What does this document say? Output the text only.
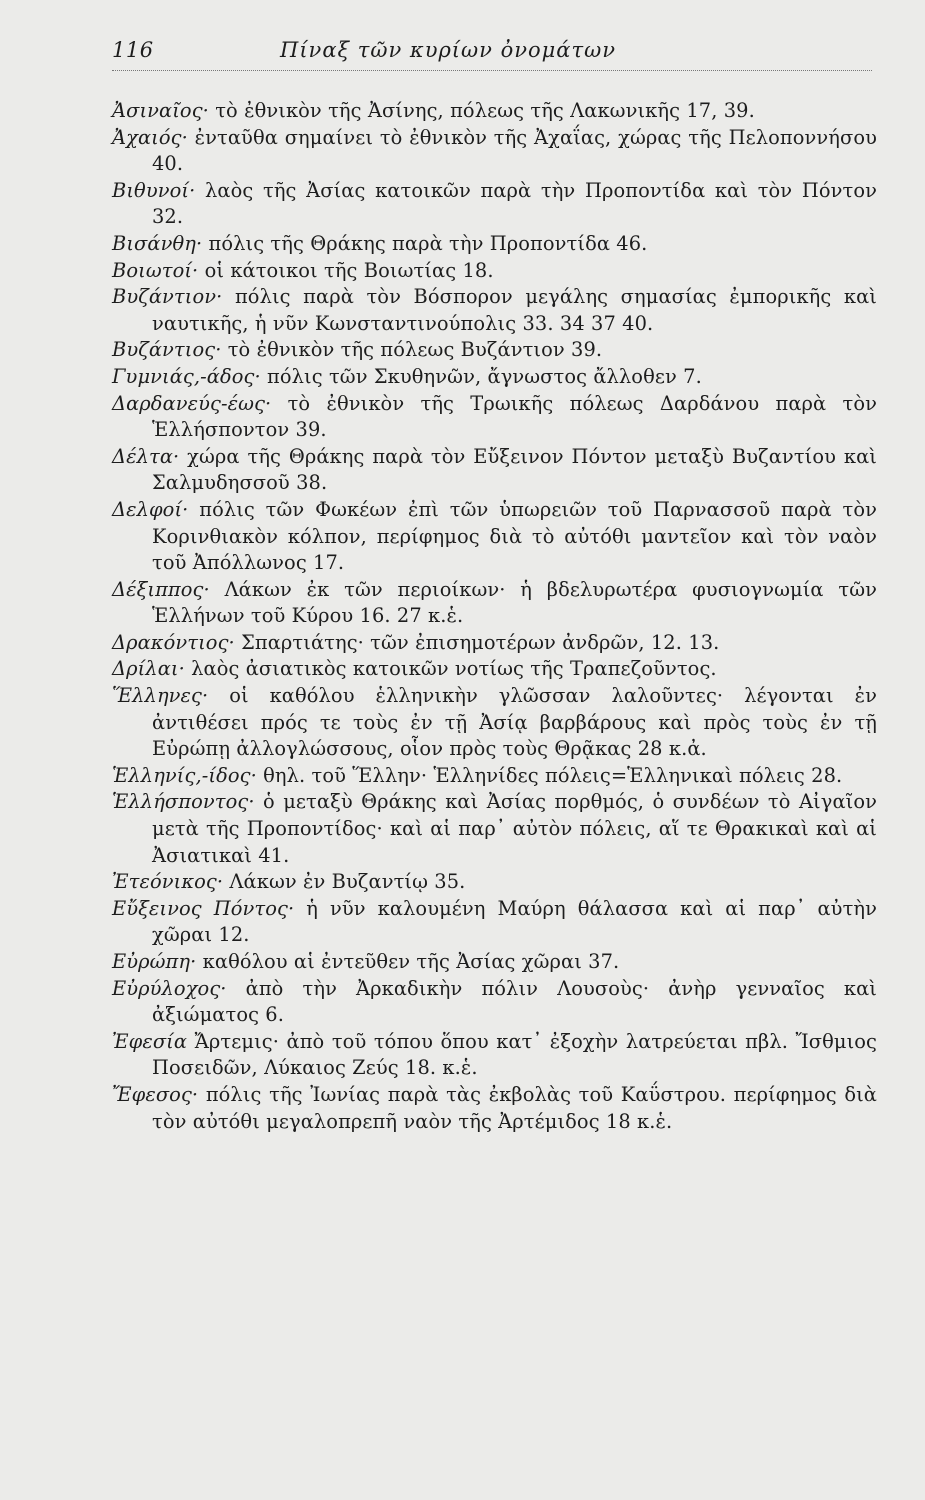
116	Πίναξ τῶν κυρίων ὀνομάτων

Ἀσιναῖος· τὸ ἐθνικὸν τῆς Ἀσίνης, πόλεως τῆς Λακωνικῆς 17, 39.

Ἀχαιός· ἐνταῦθα σημαίνει τὸ ἐθνικὸν τῆς Ἀχαΐας, χώρας τῆς Πελοποννήσου 40.

Βιθυνοί· λαὸς τῆς Ἀσίας κατοικῶν παρὰ τὴν Προποντίδα καὶ τὸν Πόντον 32.

Βισάνθη· πόλις τῆς Θράκης παρὰ τὴν Προποντίδα 46.

Βοιωτοί· οἱ κάτοικοι τῆς Βοιωτίας 18.

Βυζάντιον· πόλις παρὰ τὸν Βόσπορον μεγάλης σημασίας ἐμπορικῆς καὶ ναυτικῆς, ἡ νῦν Κωνσταντινούπολις 33. 34 37 40.

Βυζάντιος· τὸ ἐθνικὸν τῆς πόλεως Βυζάντιον 39.

Γυμνιάς,-άδος· πόλις τῶν Σκυθηνῶν, ἄγνωστος ἄλλοθεν 7.

Δαρδανεύς-έως· τὸ ἐθνικὸν τῆς Τρωικῆς πόλεως Δαρδάνου παρὰ τὸν Ἑλλήσποντον 39.

Δέλτα· χώρα τῆς Θράκης παρὰ τὸν Εὔξεινον Πόντον μεταξὺ Βυζαντίου καὶ Σαλμυδησσοῦ 38.

Δελφοί· πόλις τῶν Φωκέων ἐπὶ τῶν ὑπωρειῶν τοῦ Παρνασσοῦ παρὰ τὸν Κορινθιακὸν κόλπον, περίφημος διὰ τὸ αὐτόθι μαντεῖον καὶ τὸν ναὸν τοῦ Ἀπόλλωνος 17.

Δέξιππος· Λάκων ἐκ τῶν περιοίκων· ἡ βδελυρωτέρα φυσιογνωμία τῶν Ἑλλήνων τοῦ Κύρου 16. 27 κ.ἑ.

Δρακόντιος· Σπαρτιάτης· τῶν ἐπισημοτέρων ἀνδρῶν, 12. 13.

Δρίλαι· λαὸς ἀσιατικὸς κατοικῶν νοτίως τῆς Τραπεζοῦντος.

Ἕλληνες· οἱ καθόλου ἑλληνικὴν γλῶσσαν λαλοῦντες· λέγονται ἐν ἀντιθέσει πρός τε τοὺς ἐν τῇ Ἀσίᾳ βαρβάρους καὶ πρὸς τοὺς ἐν τῇ Εὐρώπῃ ἀλλογλώσσους, οἷον πρὸς τοὺς Θρᾷκας 28 κ.ἀ.

Ἑλληνίς,-ίδος· θηλ. τοῦ Ἕλλην· Ἑλληνίδες πόλεις=Ἑλληνικαὶ πόλεις 28.

Ἑλλήσποντος· ὁ μεταξὺ Θράκης καὶ Ἀσίας πορθμός, ὁ συνδέων τὸ Αἰγαῖον μετὰ τῆς Προποντίδος· καὶ αἱ παρ᾽ αὐτὸν πόλεις, αἵ τε Θρακικαὶ καὶ αἱ Ἀσιατικαὶ 41.

Ἐτεόνικος· Λάκων ἐν Βυζαντίῳ 35.

Εὔξεινος Πόντος· ἡ νῦν καλουμένη Μαύρη θάλασσα καὶ αἱ παρ᾽ αὐτὴν χῶραι 12.

Εὐρώπη· καθόλου αἱ ἐντεῦθεν τῆς Ἀσίας χῶραι 37.

Εὐρύλοχος· ἀπὸ τὴν Ἀρκαδικὴν πόλιν Λουσοὺς· ἀνὴρ γενναῖος καὶ ἀξιώματος 6.

Ἐφεσία Ἄρτεμις· ἀπὸ τοῦ τόπου ὅπου κατ᾽ ἐξοχὴν λατρεύεται πβλ. Ἴσθμιος Ποσειδῶν, Λύκαιος Ζεύς 18. κ.ἑ.

Ἔφεσος· πόλις τῆς Ἰωνίας παρὰ τὰς ἐκβολὰς τοῦ Καΰστρου. περίφημος διὰ τὸν αὐτόθι μεγαλοπρεπῆ ναὸν τῆς Ἀρτέμιδος 18 κ.ἑ.
